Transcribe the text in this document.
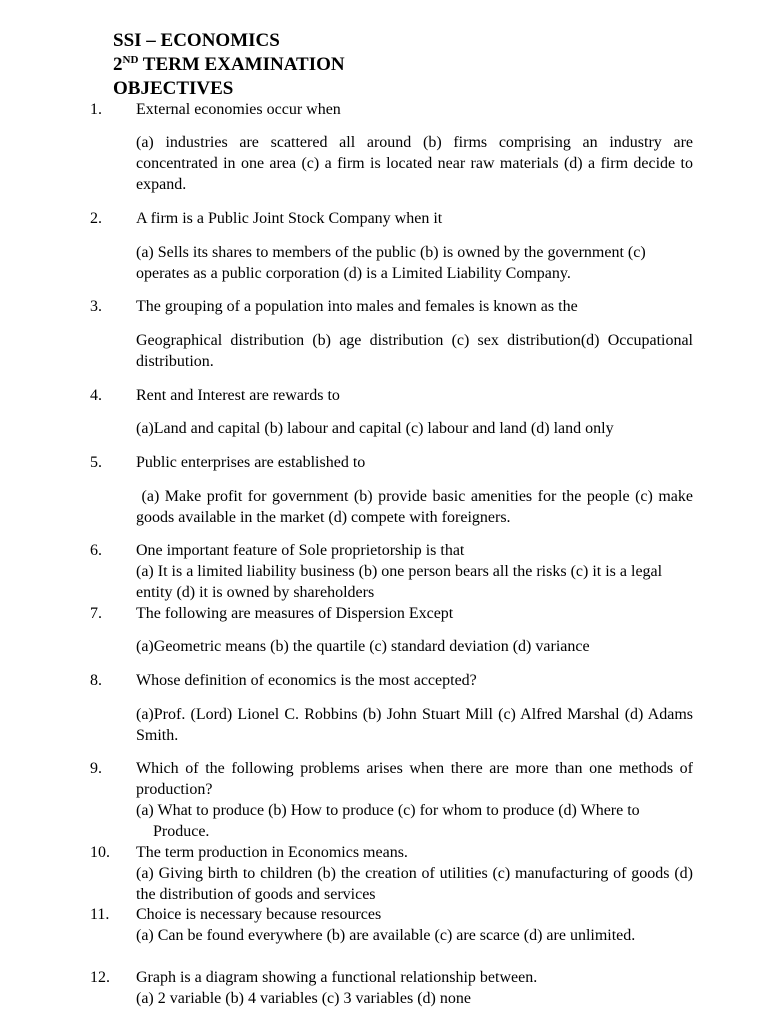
SSI – ECONOMICS
2ND TERM EXAMINATION
OBJECTIVES
1. External economies occur when
(a) industries are scattered all around (b) firms comprising an industry are concentrated in one area (c) a firm is located near raw materials (d) a firm decide to expand.
2. A firm is a Public Joint Stock Company when it
(a) Sells its shares to members of the public (b) is owned by the government (c) operates as a public corporation (d) is a Limited Liability Company.
3. The grouping of a population into males and females is known as the
Geographical distribution (b) age distribution (c) sex distribution(d) Occupational distribution.
4. Rent and Interest are rewards to
(a)Land and capital (b) labour and capital (c) labour and land (d) land only
5. Public enterprises are established to
(a) Make profit for government (b) provide basic amenities for the people (c) make goods available in the market (d) compete with foreigners.
6. One important feature of Sole proprietorship is that
(a) It is a limited liability business (b) one person bears all the risks (c) it is a legal entity (d) it is owned by shareholders
7. The following are measures of Dispersion Except
(a)Geometric means (b) the quartile (c) standard deviation (d) variance
8. Whose definition of economics is the most accepted?
(a)Prof. (Lord) Lionel C. Robbins (b) John Stuart Mill (c) Alfred Marshal (d) Adams Smith.
9. Which of the following problems arises when there are more than one methods of production?
(a) What to produce (b) How to produce (c) for whom to produce (d) Where to Produce.
10. The term production in Economics means.
(a) Giving birth to children (b) the creation of utilities (c) manufacturing of goods (d) the distribution of goods and services
11. Choice is necessary because resources
(a) Can be found everywhere (b) are available (c) are scarce (d) are unlimited.
12. Graph is a diagram showing a functional relationship between.
(a) 2 variable (b) 4 variables (c) 3 variables (d) none
